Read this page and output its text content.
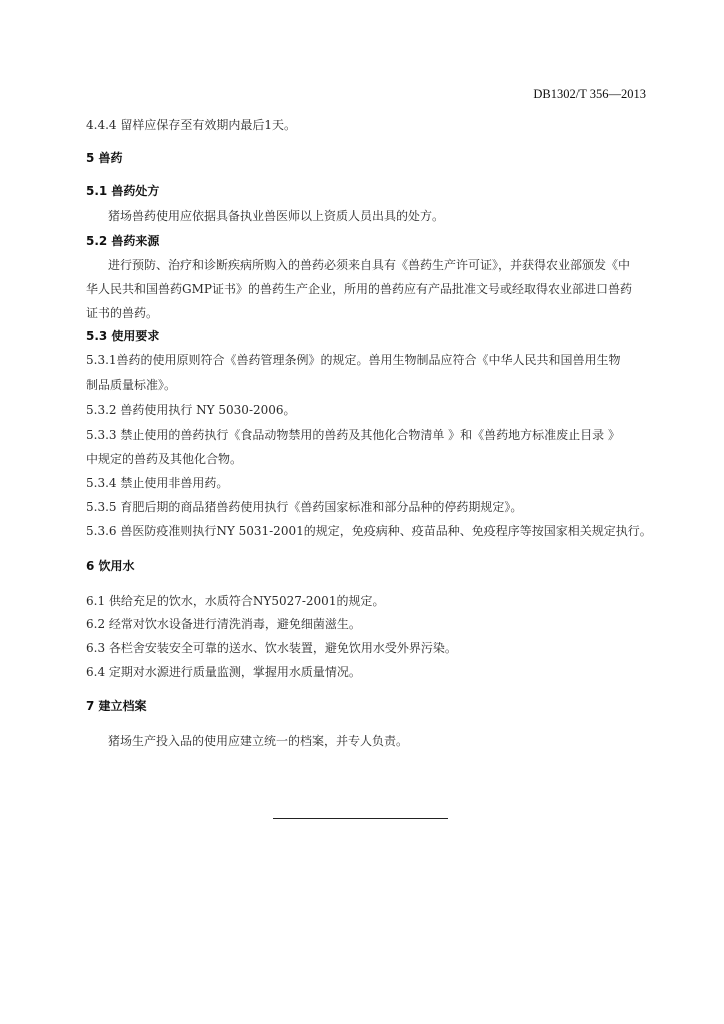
DB1302/T 356—2013
4.4.4 留样应保存至有效期内最后1天。
5 兽药
5.1 兽药处方
猪场兽药使用应依据具备执业兽医师以上资质人员出具的处方。
5.2 兽药来源
进行预防、治疗和诊断疾病所购入的兽药必须来自具有《兽药生产许可证》，并获得农业部颁发《中
华人民共和国兽药GMP证书》的兽药生产企业，所用的兽药应有产品批准文号或经取得农业部进口兽药
证书的兽药。
5.3 使用要求
5.3.1兽药的使用原则符合《兽药管理条例》的规定。兽用生物制品应符合《中华人民共和国兽用生物
制品质量标准》。
5.3.2 兽药使用执行 NY 5030-2006。
5.3.3 禁止使用的兽药执行《食品动物禁用的兽药及其他化合物清单 》和《兽药地方标准废止目录 》
中规定的兽药及其他化合物。
5.3.4 禁止使用非兽用药。
5.3.5 育肥后期的商品猪兽药使用执行《兽药国家标准和部分品种的停药期规定》。
5.3.6 兽医防疫准则执行NY 5031-2001的规定，免疫病种、疫苗品种、免疫程序等按国家相关规定执行。
6 饮用水
6.1 供给充足的饮水，水质符合NY5027-2001的规定。
6.2 经常对饮水设备进行清洗消毒，避免细菌滋生。
6.3 各栏舍安装安全可靠的送水、饮水装置，避免饮用水受外界污染。
6.4 定期对水源进行质量监测，掌握用水质量情况。
7 建立档案
猪场生产投入品的使用应建立统一的档案，并专人负责。
